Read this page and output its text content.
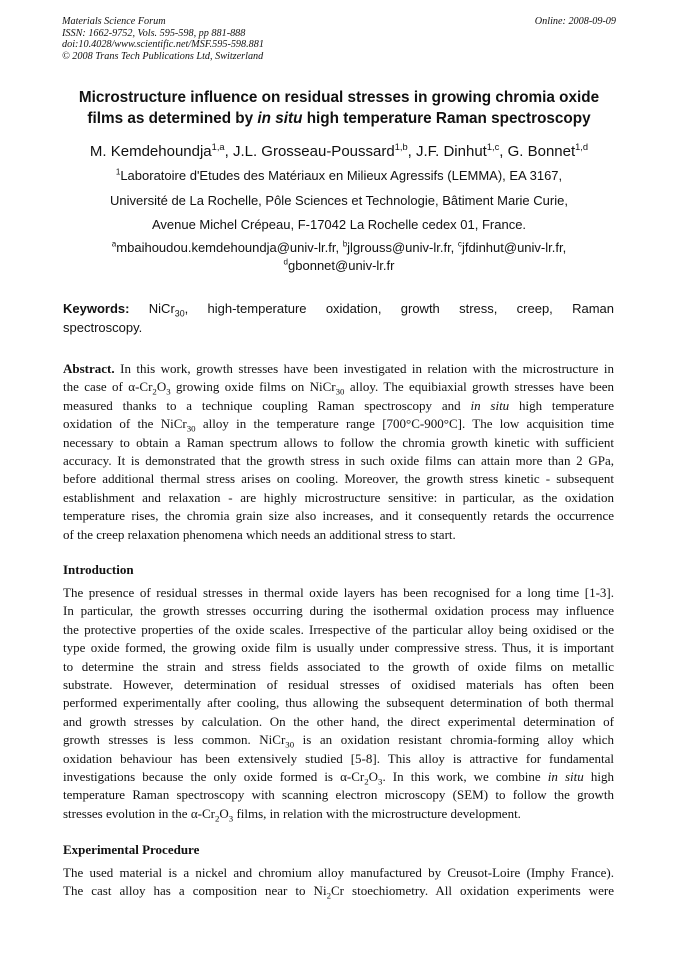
Materials Science Forum
ISSN: 1662-9752, Vols. 595-598, pp 881-888
doi:10.4028/www.scientific.net/MSF.595-598.881
© 2008 Trans Tech Publications Ltd, Switzerland
Online: 2008-09-09
Microstructure influence on residual stresses in growing chromia oxide
films as determined by in situ high temperature Raman spectroscopy
M. Kemdehoundja$^{1,a}$, J.L. Grosseau-Poussard$^{1,b}$, J.F. Dinhut$^{1,c}$, G. Bonnet$^{1,d}$
$^1$Laboratoire d'Etudes des Matériaux en Milieux Agressifs (LEMMA), EA 3167,
Université de La Rochelle, Pôle Sciences et Technologie, Bâtiment Marie Curie,
Avenue Michel Crépeau, F-17042 La Rochelle cedex 01, France.
$^a$mbaihoudou.kemdehoundja@univ-lr.fr, $^b$jlgrouss@univ-lr.fr, $^c$jfdinhut@univ-lr.fr,
$^d$gbonnet@univ-lr.fr
Keywords: NiCr$_{30}$, high-temperature oxidation, growth stress, creep, Raman
spectroscopy.
Abstract. In this work, growth stresses have been investigated in relation with the microstructure in
the case of $\alpha-Cr_2O_3$ growing oxide films on NiCr$_{30}$ alloy. The equibiaxial growth stresses have been
measured thanks to a technique coupling Raman spectroscopy and in situ high temperature
oxidation of the NiCr$_{30}$ alloy in the temperature range [700°C-900°C]. The low acquisition time
necessary to obtain a Raman spectrum allows to follow the chromia growth kinetic with sufficient
accuracy. It is demonstrated that the growth stress in such oxide films can attain more than 2 GPa,
before additional thermal stress arises on cooling. Moreover, the growth stress kinetic - subsequent
establishment and relaxation - are highly microstructure sensitive: in particular, as the oxidation
temperature rises, the chromia grain size also increases, and it consequently retards the occurrence
of the creep relaxation phenomena which needs an additional stress to start.
Introduction
The presence of residual stresses in thermal oxide layers has been recognised for a long time [1-3].
In particular, the growth stresses occurring during the isothermal oxidation process may influence
the protective properties of the oxide scales. Irrespective of the particular alloy being oxidised or the
type oxide formed, the growing oxide film is usually under compressive stress. Thus, it is important
to determine the strain and stress fields associated to the growth of oxide films on metallic
substrate. However, determination of residual stresses of oxidised materials has often been
performed experimentally after cooling, thus allowing the subsequent determination of both thermal
and growth stresses by calculation. On the other hand, the direct experimental determination of
growth stresses is less common. NiCr$_{30}$ is an oxidation resistant chromia-forming alloy which
oxidation behaviour has been extensively studied [5-8]. This alloy is attractive for fundamental
investigations because the only oxide formed is $\alpha-Cr_2O_3$. In this work, we combine in situ high
temperature Raman spectroscopy with scanning electron microscopy (SEM) to follow the growth
stresses evolution in the $\alpha-Cr_2O_3$ films, in relation with the microstructure development.
Experimental Procedure
The used material is a nickel and chromium alloy manufactured by Creusot-Loire (Imphy France).
The cast alloy has a composition near to $Ni_2Cr$ stoechiometry. All oxidation experiments were
